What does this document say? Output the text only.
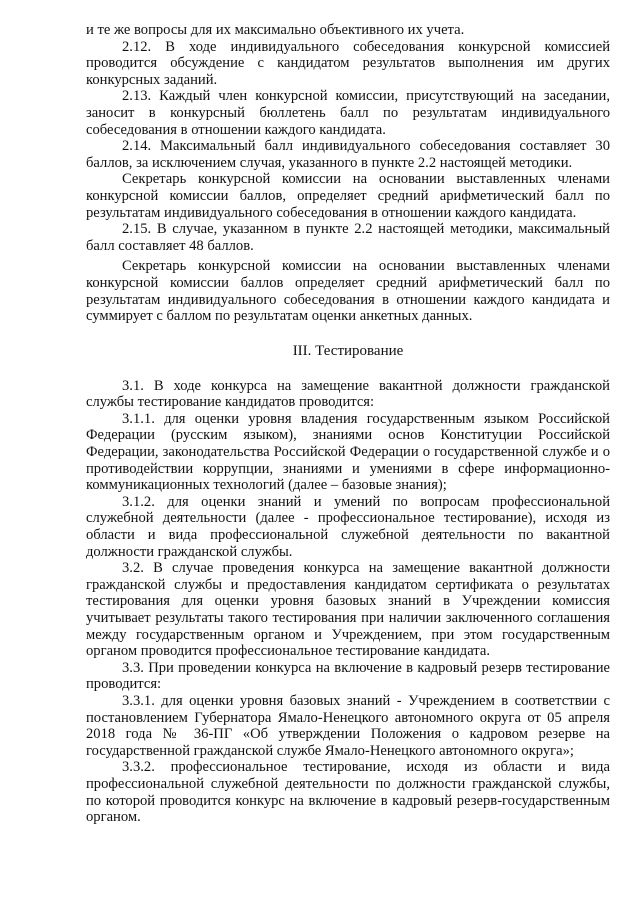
и те же вопросы для их максимально объективного их учета.

2.12. В ходе индивидуального собеседования конкурсной комиссией проводится обсуждение с кандидатом результатов выполнения им других конкурсных заданий.

2.13. Каждый член конкурсной комиссии, присутствующий на заседании, заносит в конкурсный бюллетень балл по результатам индивидуального собеседования в отношении каждого кандидата.

2.14. Максимальный балл индивидуального собеседования составляет 30 баллов, за исключением случая, указанного в пункте 2.2 настоящей методики.

Секретарь конкурсной комиссии на основании выставленных членами конкурсной комиссии баллов, определяет средний арифметический балл по результатам индивидуального собеседования в отношении каждого кандидата.

2.15. В случае, указанном в пункте 2.2 настоящей методики, максимальный балл составляет 48 баллов.

Секретарь конкурсной комиссии на основании выставленных членами конкурсной комиссии баллов определяет средний арифметический балл по результатам индивидуального собеседования в отношении каждого кандидата и суммирует с баллом по результатам оценки анкетных данных.

III. Тестирование

3.1. В ходе конкурса на замещение вакантной должности гражданской службы тестирование кандидатов проводится:

3.1.1. для оценки уровня владения государственным языком Российской Федерации (русским языком), знаниями основ Конституции Российской Федерации, законодательства Российской Федерации о государственной службе и о противодействии коррупции, знаниями и умениями в сфере информационно-коммуникационных технологий (далее – базовые знания);

3.1.2. для оценки знаний и умений по вопросам профессиональной служебной деятельности (далее - профессиональное тестирование), исходя из области и вида профессиональной служебной деятельности по вакантной должности гражданской службы.

3.2. В случае проведения конкурса на замещение вакантной должности гражданской службы и предоставления кандидатом сертификата о результатах тестирования для оценки уровня базовых знаний в Учреждении комиссия учитывает результаты такого тестирования при наличии заключенного соглашения между государственным органом и Учреждением, при этом государственным органом проводится профессиональное тестирование кандидата.

3.3. При проведении конкурса на включение в кадровый резерв тестирование проводится:

3.3.1. для оценки уровня базовых знаний - Учреждением в соответствии с постановлением Губернатора Ямало-Ненецкого автономного округа от 05 апреля 2018 года № 36-ПГ «Об утверждении Положения о кадровом резерве на государственной гражданской службе Ямало-Ненецкого автономного округа»;

3.3.2. профессиональное тестирование, исходя из области и вида профессиональной служебной деятельности по должности гражданской службы, по которой проводится конкурс на включение в кадровый резерв-государственным органом.
